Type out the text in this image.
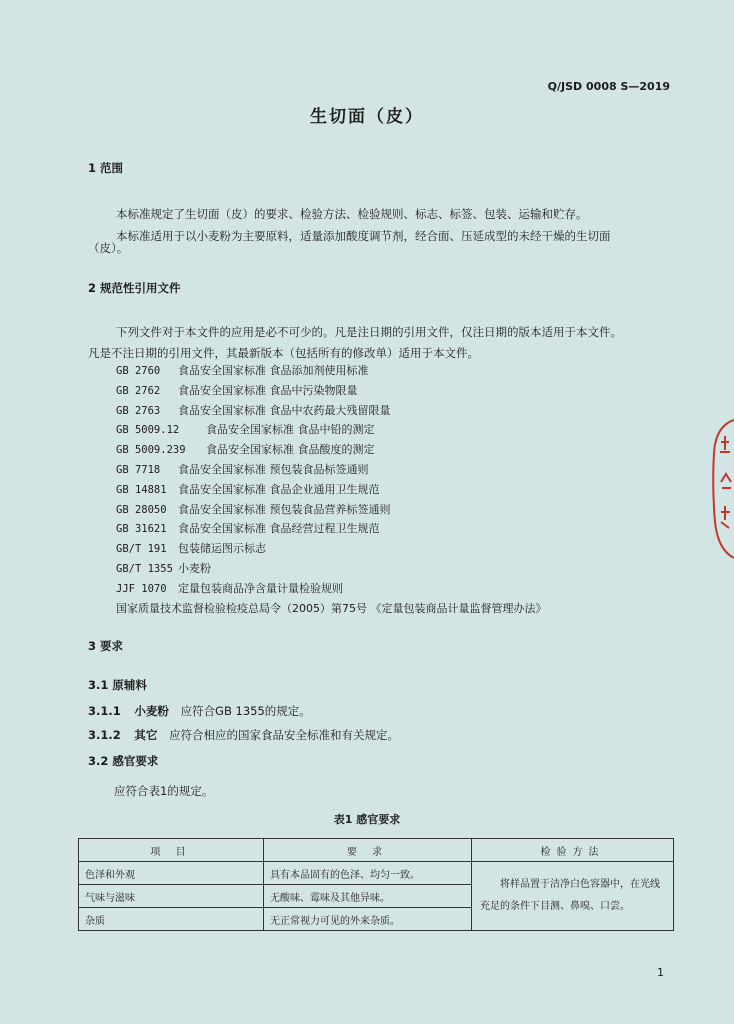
Q/JSD 0008 S—2019
生切面（皮）
1 范围
本标准规定了生切面（皮）的要求、检验方法、检验规则、标志、标签、包装、运输和贮存。
本标准适用于以小麦粉为主要原料，适量添加酸度调节剂，经合面、压延成型的未经干燥的生切面
（皮）。
2 规范性引用文件
下列文件对于本文件的应用是必不可少的。凡是注日期的引用文件，仅注日期的版本适用于本文件。
凡是不注日期的引用文件，其最新版本（包括所有的修改单）适用于本文件。
GB 2760 食品安全国家标准 食品添加剂使用标准
GB 2762 食品安全国家标准 食品中污染物限量
GB 2763 食品安全国家标准 食品中农药最大残留限量
GB 5009.12 食品安全国家标准 食品中铅的测定
GB 5009.239 食品安全国家标准 食品酸度的测定
GB 7718 食品安全国家标准 预包装食品标签通则
GB 14881 食品安全国家标准 食品企业通用卫生规范
GB 28050 食品安全国家标准 预包装食品营养标签通则
GB 31621 食品安全国家标准 食品经营过程卫生规范
GB/T 191 包装储运图示标志
GB/T 1355 小麦粉
JJF 1070 定量包装商品净含量计量检验规则
国家质量技术监督检验检疫总局令（2005）第75号 《定量包装商品计量监督管理办法》
3 要求
3.1 原辅料
3.1.1 小麦粉 应符合GB 1355的规定。
3.1.2 其它 应符合相应的国家食品安全标准和有关规定。
3.2 感官要求
应符合表1的规定。
表1 感官要求
项 目	要 求	检验方法
色泽和外观	具有本品固有的色泽、均匀一致。	将样品置于洁净白色容器中，在光线充足的条件下目测、鼻嗅、口尝。
气味与滋味	无酸味、霉味及其他异味。	
杂质	无正常视力可见的外来杂质。	
1
